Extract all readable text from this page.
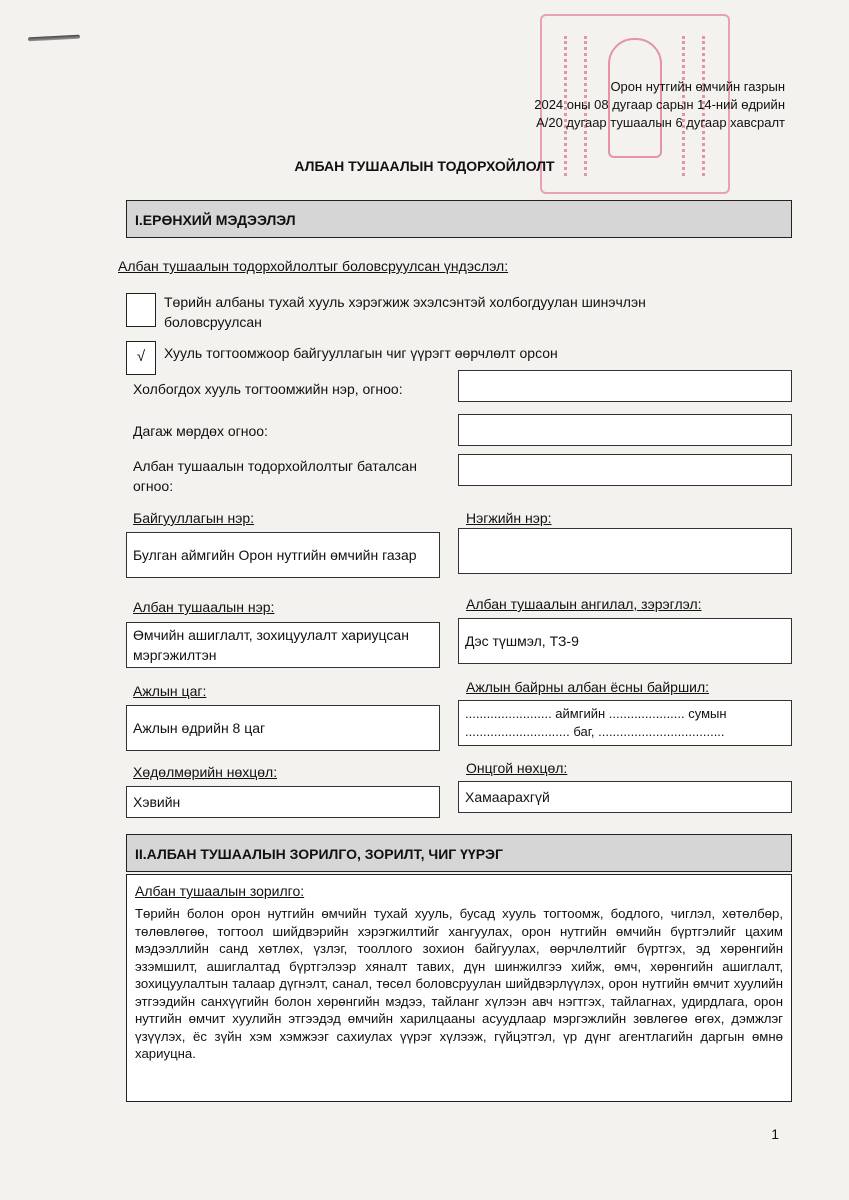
Орон нутгийн өмчийн газрын
2024 оны 08 дугаар сарын 14-ний өдрийн
А/20 дугаар тушаалын 6 дугаар хавсралт
АЛБАН ТУШААЛЫН ТОДОРХОЙЛОЛТ
I.ЕРӨНХИЙ МЭДЭЭЛЭЛ
Албан тушаалын тодорхойлолтыг боловсруулсан үндэслэл:
Төрийн албаны тухай хууль хэрэгжиж эхэлсэнтэй холбогдуулан шинэчлэн боловсруулсан
√	Хууль тогтоомжоор байгууллагын чиг үүрэгт өөрчлөлт орсон
Холбогдох хууль тогтоомжийн нэр, огноо:
Дагаж мөрдөх огноо:
Албан тушаалын тодорхойлолтыг баталсан огноо:
Байгууллагын нэр:
Булган аймгийн Орон нутгийн өмчийн газар
Нэгжийн нэр:
Албан тушаалын нэр:
Өмчийн ашиглалт, зохицуулалт хариуцсан мэргэжилтэн
Албан тушаалын ангилал, зэрэглэл:
Дэс түшмэл, ТЗ-9
Ажлын цаг:
Ажлын өдрийн 8 цаг
Ажлын байрны албан ёсны байршил:
........................ аймгийн ..................... сумын
............................. баг, ...................................
Хөдөлмөрийн нөхцөл:
Хэвийн
Онцгой нөхцөл:
Хамаарахгүй
II.АЛБАН ТУШААЛЫН ЗОРИЛГО, ЗОРИЛТ, ЧИГ ҮҮРЭГ
Албан тушаалын зорилго:
Төрийн болон орон нутгийн өмчийн тухай хууль, бусад хууль тогтоомж, бодлого, чиглэл, хөтөлбөр, төлөвлөгөө, тогтоол шийдвэрийн хэрэгжилтийг хангуулах, орон нутгийн өмчийн бүртгэлийг цахим мэдээллийн санд хөтлөх, үзлэг, тооллого зохион байгуулах, өөрчлөлтийг бүртгэх, эд хөрөнгийн эзэмшилт, ашиглалтад бүртгэлээр хяналт тавих, дүн шинжилгээ хийж, өмч, хөрөнгийн ашиглалт, зохицуулалтын талаар дүгнэлт, санал, төсөл боловсруулан шийдвэрлүүлэх, орон нутгийн өмчит хуулийн этгээдийн санхүүгийн болон хөрөнгийн мэдээ, тайланг хүлээн авч нэгтгэх, тайлагнах, удирдлага, орон нутгийн өмчит хуулийн этгээдэд өмчийн харилцааны асуудлаар мэргэжлийн зөвлөгөө өгөх, дэмжлэг үзүүлэх, ёс зүйн хэм хэмжээг сахиулах үүрэг хүлээж, гүйцэтгэл, үр дүнг агентлагийн даргын өмнө хариуцна.
1
